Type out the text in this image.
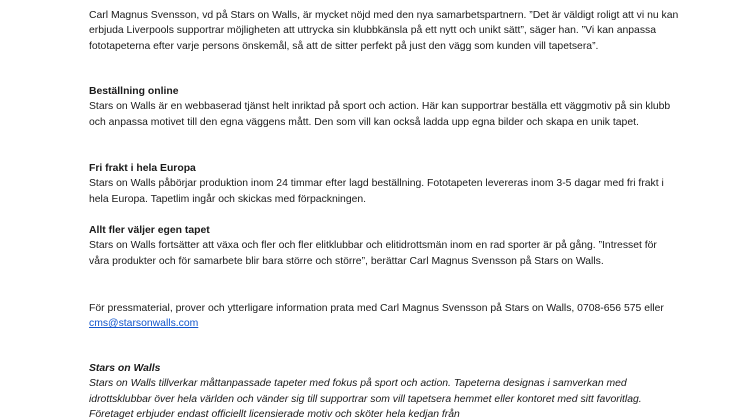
Carl Magnus Svensson, vd på Stars on Walls, är mycket nöjd med den nya samarbetspartnern. ”Det är väldigt roligt att vi nu kan erbjuda Liverpools supportrar möjligheten att uttrycka sin klubbkänsla på ett nytt och unikt sätt”, säger han. ”Vi kan anpassa fototapeterna efter varje persons önskemål, så att de sitter perfekt på just den vägg som kunden vill tapetsera”.

Beställning online

Stars on Walls är en webbaserad tjänst helt inriktad på sport och action. Här kan supportrar beställa ett väggmotiv på sin klubb och anpassa motivet till den egna väggens mått. Den som vill kan också ladda upp egna bilder och skapa en unik tapet.

Fri frakt i hela Europa

Stars on Walls påbörjar produktion inom 24 timmar efter lagd beställning. Fototapeten levereras inom 3-5 dagar med fri frakt i hela Europa. Tapetlim ingår och skickas med förpackningen.

Allt fler väljer egen tapet

Stars on Walls fortsätter att växa och fler och fler elitklubbar och elitidrottsmän inom en rad sporter är på gång. ”Intresset för våra produkter och för samarbete blir bara större och större”, berättar Carl Magnus Svensson på Stars on Walls.

För pressmaterial, prover och ytterligare information prata med Carl Magnus Svensson på Stars on Walls, 0708-656 575 eller cms@starsonwalls.com

Stars on Walls

Stars on Walls tillverkar måttanpassade tapeter med fokus på sport och action. Tapeterna designas i samverkan med idrottsklubbar över hela världen och vänder sig till supportrar som vill tapetsera hemmet eller kontoret med sitt favoritlag. Företaget erbjuder endast officiellt licensierade motiv och sköter hela kedjan från
